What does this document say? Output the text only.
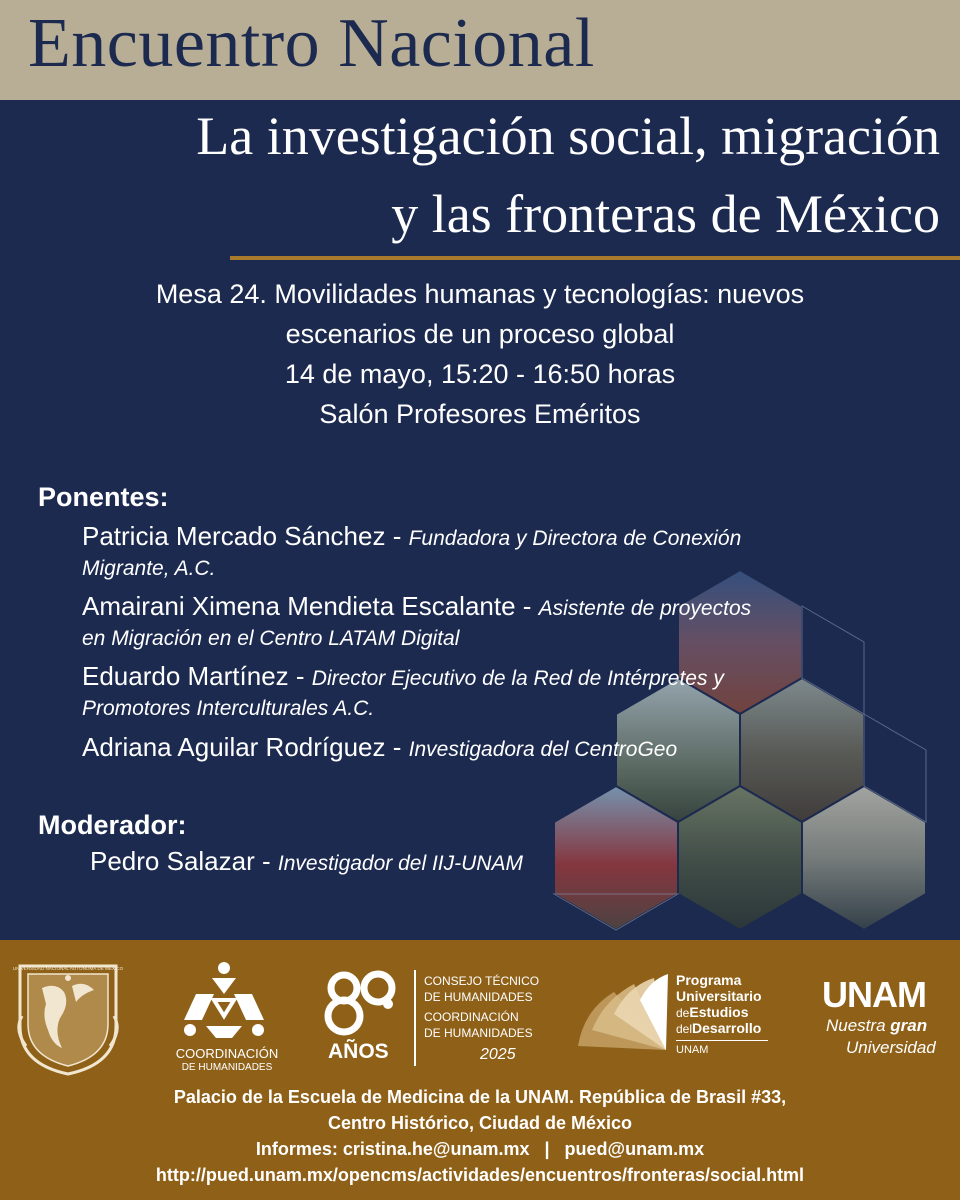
Encuentro Nacional
La investigación social, migración
y las fronteras de México
Mesa 24. Movilidades humanas y tecnologías: nuevos
escenarios de un proceso global
14 de mayo, 15:20 - 16:50 horas
Salón Profesores Eméritos
Ponentes:
Patricia Mercado Sánchez - Fundadora y Directora de Conexión
Migrante, A.C.
Amairani Ximena Mendieta Escalante - Asistente de proyectos
en Migración en el Centro LATAM Digital
Eduardo Martínez - Director Ejecutivo de la Red de Intérpretes y
Promotores Interculturales A.C.
Adriana Aguilar Rodríguez - Investigadora del CentroGeo
Moderador:
Pedro Salazar - Investigador del IIJ-UNAM
UNIVERSIDAD NACIONAL AUTÓNOMA DE MÉXICO
COORDINACIÓN
DE HUMANIDADES
AÑOS
CONSEJO TÉCNICO
DE HUMANIDADES
COORDINACIÓN
DE HUMANIDADES
2025
Programa
Universitario
deEstudios
delDesarrollo
UNAM
UNAM
Nuestra gran
Universidad
Palacio de la Escuela de Medicina de la UNAM. República de Brasil #33,
Centro Histórico, Ciudad de México
Informes: cristina.he@unam.mx   |   pued@unam.mx
http://pued.unam.mx/opencms/actividades/encuentros/fronteras/social.html
